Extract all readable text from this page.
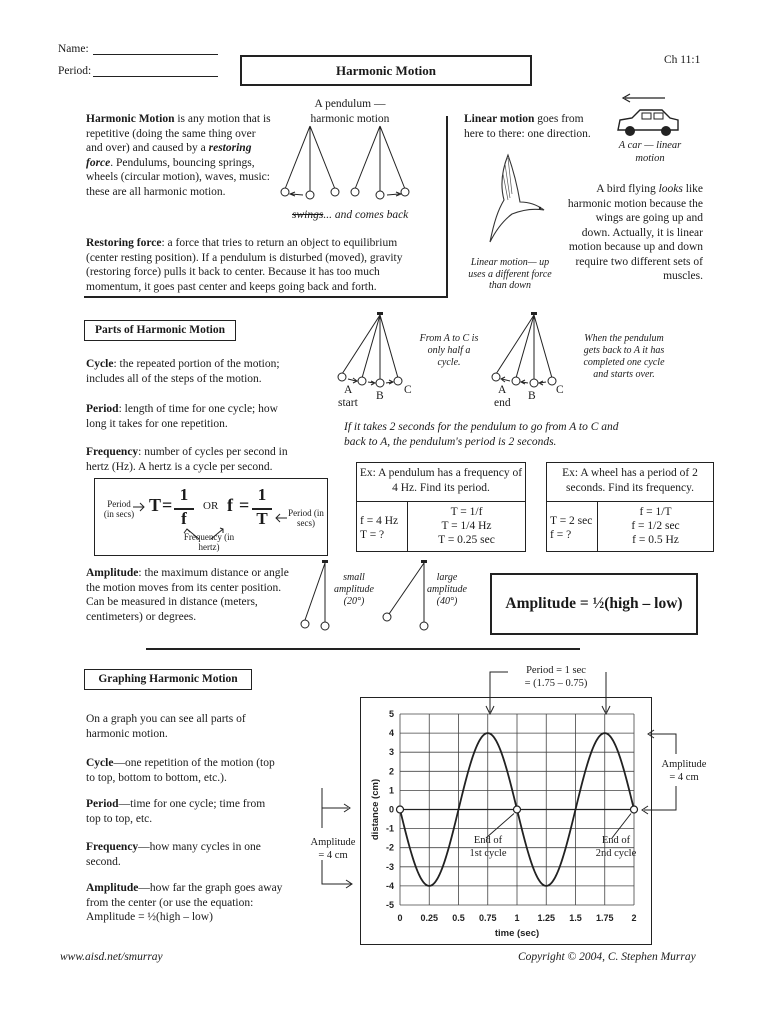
Name:
Period:	Harmonic Motion
Ch 11:1
Harmonic Motion is any motion that is repetitive (doing the same thing over and over) and caused by a restoring force. Pendulums, bouncing springs, wheels (circular motion), waves, music: these are all harmonic motion.
A pendulum — harmonic motion
swings... and comes back
Restoring force: a force that tries to return an object to equilibrium (center resting position). If a pendulum is disturbed (moved), gravity (restoring force) pulls it back to center. Because it has too much momentum, it goes past center and keeps going back and forth.
Linear motion goes from here to there: one direction.
A car — linear motion
Linear motion— up uses a different force than down
A bird flying looks like harmonic motion because the wings are going up and down. Actually, it is linear motion because up and down require two different sets of muscles.
Parts of Harmonic Motion
Cycle: the repeated portion of the motion; includes all of the steps of the motion.
Period: length of time for one cycle; how long it takes for one repetition.
Frequency: number of cycles per second in hertz (Hz). A hertz is a cycle per second.
A B C
start
From A to C is only half a cycle.
A B C
end
When the pendulum gets back to A it has completed one cycle and starts over.
If it takes 2 seconds for the pendulum to go from A to C and back to A, the pendulum's period is 2 seconds.
Period (in secs) T =
1
f
OR f =
1
T	Period (in secs)
Frequency (in hertz)
Ex: A pendulum has a frequency of 4 Hz. Find its period.
f = 4 Hz
T = ?
T = 1/f
T = 1/4 Hz
T = 0.25 sec
Ex: A wheel has a period of 2 seconds. Find its frequency.
T = 2 sec
f = ?
f = 1/T
f = 1/2 sec
f = 0.5 Hz
Amplitude: the maximum distance or angle the motion moves from its center position. Can be measured in distance (meters, centimeters) or degrees.
small amplitude (20°)
large amplitude (40°)	Amplitude = ½(high – low)
Graphing Harmonic Motion
On a graph you can see all parts of harmonic motion.
Cycle—one repetition of the motion (top to top, bottom to bottom, etc.).
Period—time for one cycle; time from top to top, etc.
Frequency—how many cycles in one second.
Amplitude—how far the graph goes away from the center (or use the equation: Amplitude = ½(high – low)
Period = 1 sec
= (1.75 – 0.75)
Amplitude
= 4 cm
Amplitude
= 4 cm
End of
1st cycle
End of
2nd cycle
0 0.25 0.5 0.75 1 1.25 1.5 1.75 2
5
4
3
2
1
0
-1
-2
-3
-4
-5
time (sec)
distance (cm)
www.aisd.net/smurray	Copyright © 2004, C. Stephen Murray
